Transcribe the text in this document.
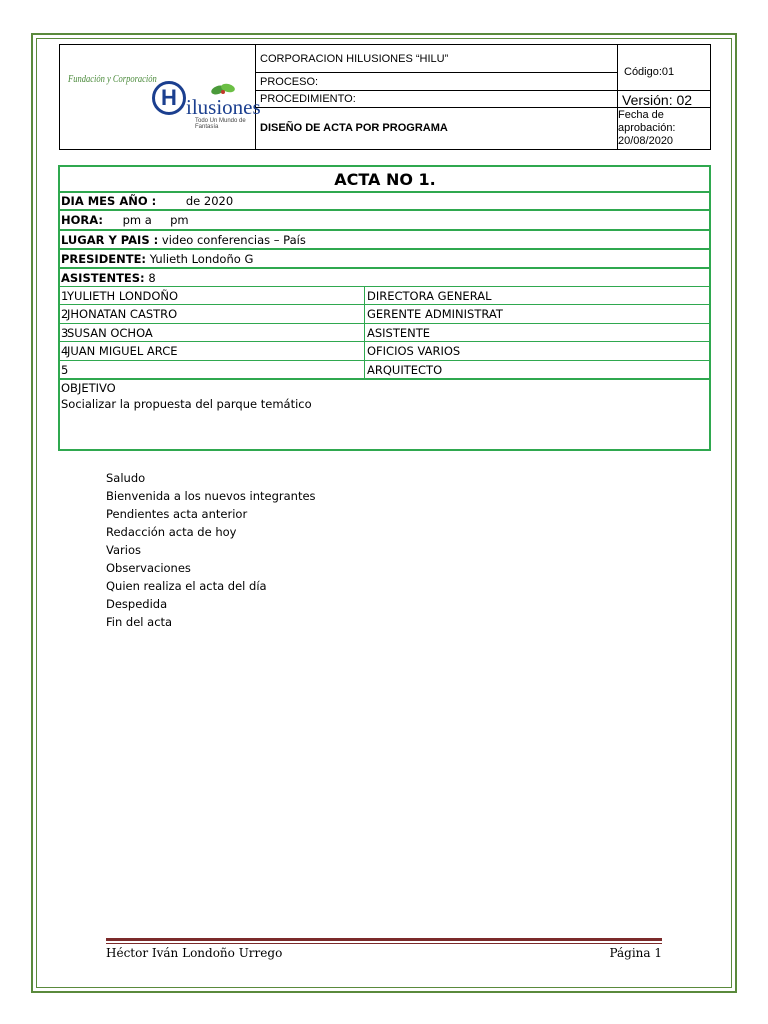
Fundación y Corporación
H ilusiones
Todo Un Mundo de Fantasía
CORPORACION HILUSIONES “HILU”
PROCESO:
PROCEDIMIENTO:
DISEÑO DE ACTA POR PROGRAMA
Código:01
Versión: 02
Fecha de
aprobación:
20/08/2020
ACTA NO 1.
DIA MES AÑO :	de 2020
HORA: pm a     pm
LUGAR Y PAIS : video conferencias – País
PRESIDENTE: Yulieth Londoño G
ASISTENTES: 8
1YULIETH LONDOÑO	DIRECTORA GENERAL
2JHONATAN CASTRO	GERENTE ADMINISTRAT
3SUSAN OCHOA	ASISTENTE
4JUAN MIGUEL ARCE	OFICIOS VARIOS
5	ARQUITECTO
OBJETIVO
Socializar la propuesta del parque temático
Saludo
Bienvenida a los nuevos integrantes
Pendientes acta anterior
Redacción acta de hoy
Varios
Observaciones
Quien realiza el acta del día
Despedida
Fin del acta
Héctor Iván Londoño Urrego	Página 1
